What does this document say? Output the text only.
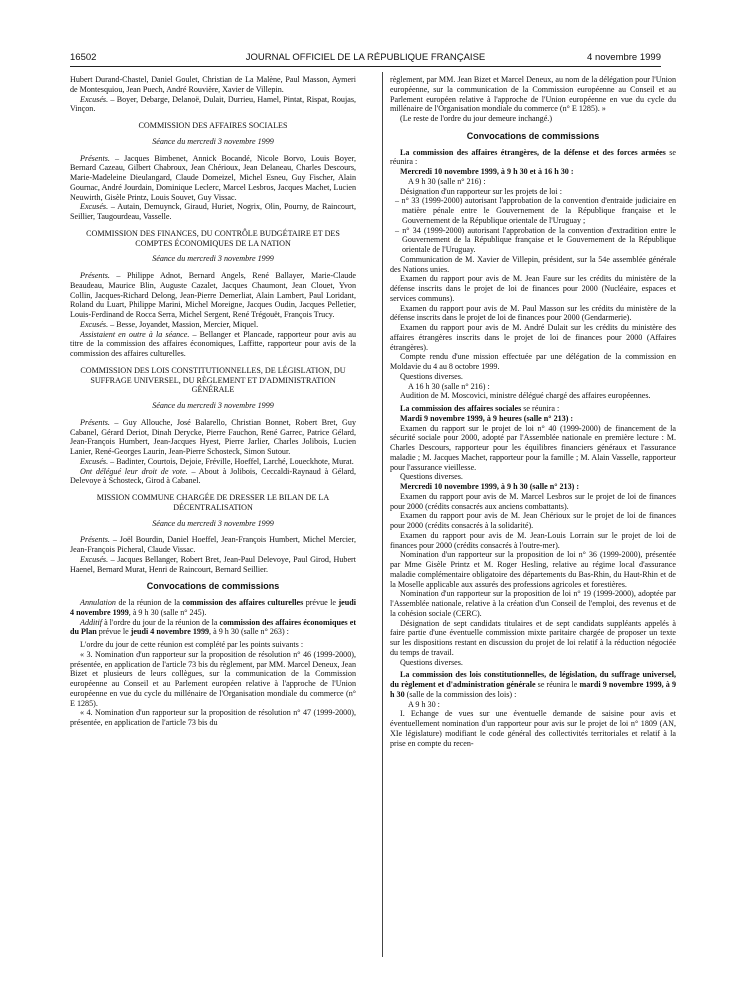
16502	JOURNAL OFFICIEL DE LA RÉPUBLIQUE FRANÇAISE	4 novembre 1999

Hubert Durand-Chastel, Daniel Goulet, Christian de La Malène, Paul Masson, Aymeri de Montesquiou, Jean Puech, André Rouvière, Xavier de Villepin.

Excusés. – Boyer, Debarge, Delanoë, Dulait, Durrieu, Hamel, Pintat, Rispat, Roujas, Vinçon.

COMMISSION DES AFFAIRES SOCIALES
Séance du mercredi 3 novembre 1999

Présents. – Jacques Bimbenet, Annick Bocandé, Nicole Borvo, Louis Boyer, Bernard Cazeau, Gilbert Chabroux, Jean Chérioux, Jean Delaneau, Charles Descours, Marie-Madeleine Dieulangard, Claude Domeizel, Michel Esneu, Guy Fischer, Alain Gournac, André Jourdain, Dominique Leclerc, Marcel Lesbros, Jacques Machet, Lucien Neuwirth, Gisèle Printz, Louis Souvet, Guy Vissac.

Excusés. – Autain, Demuynck, Giraud, Huriet, Nogrix, Olin, Pourny, de Raincourt, Seillier, Taugourdeau, Vasselle.

COMMISSION DES FINANCES, DU CONTRÔLE BUDGÉTAIRE ET DES COMPTES ÉCONOMIQUES DE LA NATION
Séance du mercredi 3 novembre 1999

Présents. – Philippe Adnot, Bernard Angels, René Ballayer, Marie-Claude Beaudeau, Maurice Blin, Auguste Cazalet, Jacques Chaumont, Jean Clouet, Yvon Collin, Jacques-Richard Delong, Jean-Pierre Demerliat, Alain Lambert, Paul Loridant, Roland du Luart, Philippe Marini, Michel Moreigne, Jacques Oudin, Jacques Pelletier, Louis-Ferdinand de Rocca Serra, Michel Sergent, René Trégouët, François Trucy.

Excusés. – Besse, Joyandet, Massion, Mercier, Miquel.

Assistaient en outre à la séance. – Bellanger et Plancade, rapporteur pour avis au titre de la commission des affaires économiques, Laffitte, rapporteur pour avis de la commission des affaires culturelles.

COMMISSION DES LOIS CONSTITUTIONNELLES, DE LÉGISLATION, DU SUFFRAGE UNIVERSEL, DU RÈGLEMENT ET D'ADMINISTRATION GÉNÉRALE
Séance du mercredi 3 novembre 1999

Présents. – Guy Allouche, José Balarello, Christian Bonnet, Robert Bret, Guy Cabanel, Gérard Deriot, Dinah Derycke, Pierre Fauchon, René Garrec, Patrice Gélard, Jean-François Humbert, Jean-Jacques Hyest, Pierre Jarlier, Charles Jolibois, Lucien Lanier, René-Georges Laurin, Jean-Pierre Schosteck, Simon Sutour.

Excusés. – Badinter, Courtois, Dejoie, Fréville, Hoeffel, Larché, Loueckhote, Murat.

Ont délégué leur droit de vote. – About à Jolibois, Ceccaldi-Raynaud à Gélard, Delevoye à Schosteck, Girod à Cabanel.

MISSION COMMUNE CHARGÉE DE DRESSER LE BILAN DE LA DÉCENTRALISATION
Séance du mercredi 3 novembre 1999

Présents. – Joël Bourdin, Daniel Hoeffel, Jean-François Humbert, Michel Mercier, Jean-François Picheral, Claude Vissac.

Excusés. – Jacques Bellanger, Robert Bret, Jean-Paul Delevoye, Paul Girod, Hubert Haenel, Bernard Murat, Henri de Raincourt, Bernard Seillier.

Convocations de commissions

Annulation de la réunion de la commission des affaires culturelles prévue le jeudi 4 novembre 1999, à 9 h 30 (salle n° 245).

Additif à l'ordre du jour de la réunion de la commission des affaires économiques et du Plan prévue le jeudi 4 novembre 1999, à 9 h 30 (salle n° 263) :

L'ordre du jour de cette réunion est complété par les points suivants :

« 3. Nomination d'un rapporteur sur la proposition de résolution n° 46 (1999-2000), présentée, en application de l'article 73 bis du règlement, par MM. Marcel Deneux, Jean Bizet et plusieurs de leurs collègues, sur la communication de la Commission européenne au Conseil et au Parlement européen relative à l'approche de l'Union européenne en vue du cycle du millénaire de l'Organisation mondiale du commerce (n° E 1285).

« 4. Nomination d'un rapporteur sur la proposition de résolution n° 47 (1999-2000), présentée, en application de l'article 73 bis du

règlement, par MM. Jean Bizet et Marcel Deneux, au nom de la délégation pour l'Union européenne, sur la communication de la Commission européenne au Conseil et au Parlement européen relative à l'approche de l'Union européenne en vue du cycle du millénaire de l'Organisation mondiale du commerce (n° E 1285). »

(Le reste de l'ordre du jour demeure inchangé.)

Convocations de commissions

La commission des affaires étrangères, de la défense et des forces armées se réunira :

Mercredi 10 novembre 1999, à 9 h 30 et à 16 h 30 :

A 9 h 30 (salle n° 216) :

Désignation d'un rapporteur sur les projets de loi :

– n° 33 (1999-2000) autorisant l'approbation de la convention d'entraide judiciaire en matière pénale entre le Gouvernement de la République française et le Gouvernement de la République orientale de l'Uruguay ;

– n° 34 (1999-2000) autorisant l'approbation de la convention d'extradition entre le Gouvernement de la République française et le Gouvernement de la République orientale de l'Uruguay.

Communication de M. Xavier de Villepin, président, sur la 54e assemblée générale des Nations unies.

Examen du rapport pour avis de M. Jean Faure sur les crédits du ministère de la défense inscrits dans le projet de loi de finances pour 2000 (Nucléaire, espaces et services communs).

Examen du rapport pour avis de M. Paul Masson sur les crédits du ministère de la défense inscrits dans le projet de loi de finances pour 2000 (Gendarmerie).

Examen du rapport pour avis de M. André Dulait sur les crédits du ministère des affaires étrangères inscrits dans le projet de loi de finances pour 2000 (Affaires étrangères).

Compte rendu d'une mission effectuée par une délégation de la commission en Moldavie du 4 au 8 octobre 1999.

Questions diverses.

A 16 h 30 (salle n° 216) :

Audition de M. Moscovici, ministre délégué chargé des affaires européennes.

La commission des affaires sociales se réunira :

Mardi 9 novembre 1999, à 9 heures (salle n° 213) :

Examen du rapport sur le projet de loi n° 40 (1999-2000) de financement de la sécurité sociale pour 2000, adopté par l'Assemblée nationale en première lecture : M. Charles Descours, rapporteur pour les équilibres financiers généraux et l'assurance maladie ; M. Jacques Machet, rapporteur pour la famille ; M. Alain Vasselle, rapporteur pour l'assurance vieillesse.

Questions diverses.

Mercredi 10 novembre 1999, à 9 h 30 (salle n° 213) :

Examen du rapport pour avis de M. Marcel Lesbros sur le projet de loi de finances pour 2000 (crédits consacrés aux anciens combattants).

Examen du rapport pour avis de M. Jean Chérioux sur le projet de loi de finances pour 2000 (crédits consacrés à la solidarité).

Examen du rapport pour avis de M. Jean-Louis Lorrain sur le projet de loi de finances pour 2000 (crédits consacrés à l'outre-mer).

Nomination d'un rapporteur sur la proposition de loi n° 36 (1999-2000), présentée par Mme Gisèle Printz et M. Roger Hesling, relative au régime local d'assurance maladie complémentaire obligatoire des départements du Bas-Rhin, du Haut-Rhin et de la Moselle applicable aux assurés des professions agricoles et forestières.

Nomination d'un rapporteur sur la proposition de loi n° 19 (1999-2000), adoptée par l'Assemblée nationale, relative à la création d'un Conseil de l'emploi, des revenus et de la cohésion sociale (CERC).

Désignation de sept candidats titulaires et de sept candidats suppléants appelés à faire partie d'une éventuelle commission mixte paritaire chargée de proposer un texte sur les dispositions restant en discussion du projet de loi relatif à la réduction négociée du temps de travail.

Questions diverses.

La commission des lois constitutionnelles, de législation, du suffrage universel, du règlement et d'administration générale se réunira le mardi 9 novembre 1999, à 9 h 30 (salle de la commission des lois) :

A 9 h 30 :

I. Echange de vues sur une éventuelle demande de saisine pour avis et éventuellement nomination d'un rapporteur pour avis sur le projet de loi n° 1809 (AN, XIe législature) modifiant le code général des collectivités territoriales et relatif à la prise en compte du recen-
